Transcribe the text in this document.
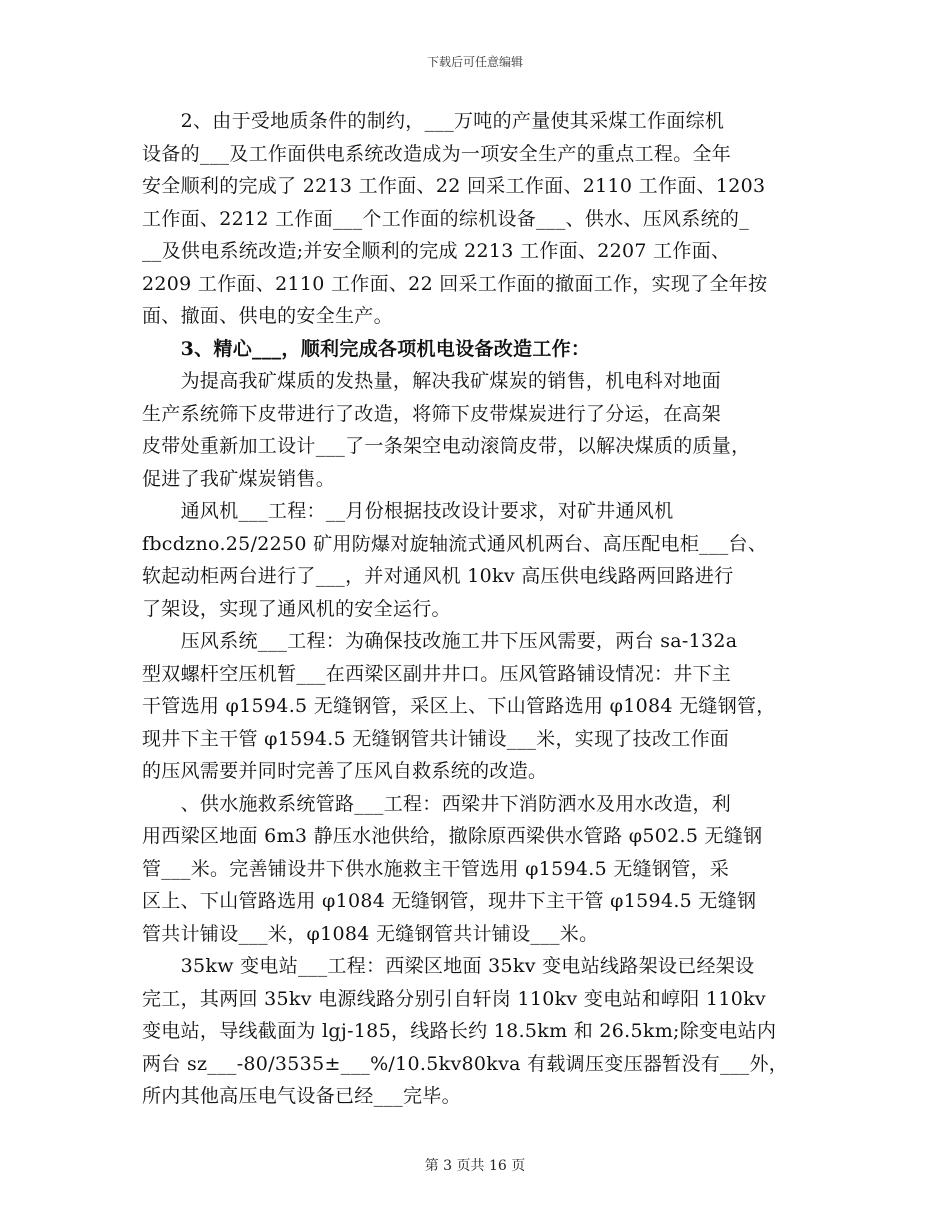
下载后可任意编辑
　　2、由于受地质条件的制约，___万吨的产量使其采煤工作面综机
设备的___及工作面供电系统改造成为一项安全生产的重点工程。全年
安全顺利的完成了 2213 工作面、22 回采工作面、2110 工作面、1203
工作面、2212 工作面___个工作面的综机设备___、供水、压风系统的_
__及供电系统改造;并安全顺利的完成 2213 工作面、2207 工作面、
2209 工作面、2110 工作面、22 回采工作面的撤面工作，实现了全年按
面、撤面、供电的安全生产。
　　3、精心___，顺利完成各项机电设备改造工作：
　　为提高我矿煤质的发热量，解决我矿煤炭的销售，机电科对地面
生产系统筛下皮带进行了改造，将筛下皮带煤炭进行了分运，在高架
皮带处重新加工设计___了一条架空电动滚筒皮带，以解决煤质的质量，
促进了我矿煤炭销售。
　　通风机___工程：__月份根据技改设计要求，对矿井通风机
fbcdzno.25/2250 矿用防爆对旋轴流式通风机两台、高压配电柜___台、
软起动柜两台进行了___，并对通风机 10kv 高压供电线路两回路进行
了架设，实现了通风机的安全运行。
　　压风系统___工程：为确保技改施工井下压风需要，两台 sa-132a
型双螺杆空压机暂___在西梁区副井井口。压风管路铺设情况：井下主
干管选用 φ1594.5 无缝钢管，采区上、下山管路选用 φ1084 无缝钢管，
现井下主干管 φ1594.5 无缝钢管共计铺设___米，实现了技改工作面
的压风需要并同时完善了压风自救系统的改造。
　　、供水施救系统管路___工程：西梁井下消防洒水及用水改造，利
用西梁区地面 6m3 静压水池供给，撤除原西梁供水管路 φ502.5 无缝钢
管___米。完善铺设井下供水施救主干管选用 φ1594.5 无缝钢管，采
区上、下山管路选用 φ1084 无缝钢管，现井下主干管 φ1594.5 无缝钢
管共计铺设___米，φ1084 无缝钢管共计铺设___米。
　　35kw 变电站___工程：西梁区地面 35kv 变电站线路架设已经架设
完工，其两回 35kv 电源线路分别引自轩岗 110kv 变电站和崞阳 110kv
变电站，导线截面为 lgj-185，线路长约 18.5km 和 26.5km;除变电站内
两台 sz___-80/3535±___%/10.5kv80kva 有载调压变压器暂没有___外，
所内其他高压电气设备已经___完毕。
第 3 页共 16 页
